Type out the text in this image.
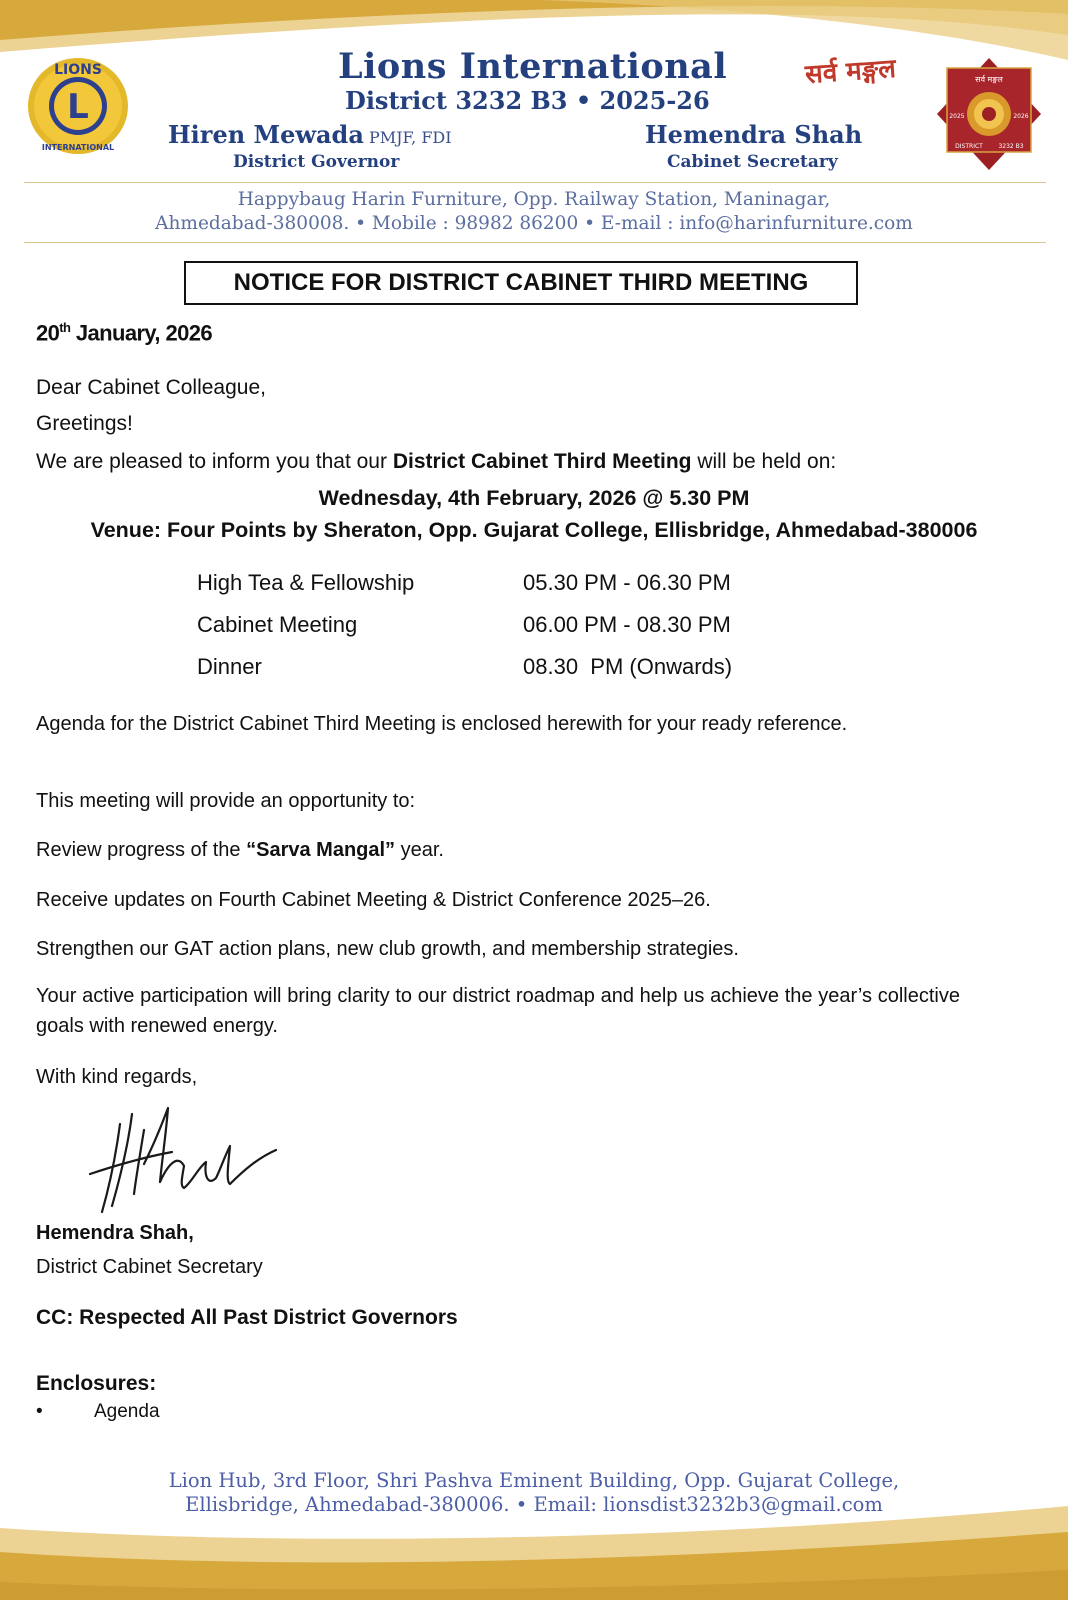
L
LIONS
INTERNATIONAL
Lions International
District 3232 B3 • 2025-26
सर्व मङ्गल
Hiren Mewada PMJF, FDI
District Governor
Hemendra Shah
Cabinet Secretary
सर्व मङ्गल
2025	2026
DISTRICT	3232 B3
Happybaug Harin Furniture, Opp. Railway Station, Maninagar,
Ahmedabad-380008. • Mobile : 98982 86200 • E-mail : info@harinfurniture.com
NOTICE FOR DISTRICT CABINET THIRD MEETING
20th January, 2026
Dear Cabinet Colleague,
Greetings!
We are pleased to inform you that our District Cabinet Third Meeting will be held on:
Wednesday, 4th February, 2026 @ 5.30 PM
Venue: Four Points by Sheraton, Opp. Gujarat College, Ellisbridge, Ahmedabad-380006
High Tea & Fellowship	05.30 PM - 06.30 PM
Cabinet Meeting	06.00 PM - 08.30 PM
Dinner	08.30  PM (Onwards)
Agenda for the District Cabinet Third Meeting is enclosed herewith for your ready reference.
This meeting will provide an opportunity to:
Review progress of the “Sarva Mangal” year.
Receive updates on Fourth Cabinet Meeting & District Conference 2025–26.
Strengthen our GAT action plans, new club growth, and membership strategies.
Your active participation will bring clarity to our district roadmap and help us achieve the year’s collective goals with renewed energy.
With kind regards,
Hemendra Shah,
District Cabinet Secretary
CC: Respected All Past District Governors
Enclosures:
•	Agenda
Lion Hub, 3rd Floor, Shri Pashva Eminent Building, Opp. Gujarat College,
Ellisbridge, Ahmedabad-380006. • Email: lionsdist3232b3@gmail.com
